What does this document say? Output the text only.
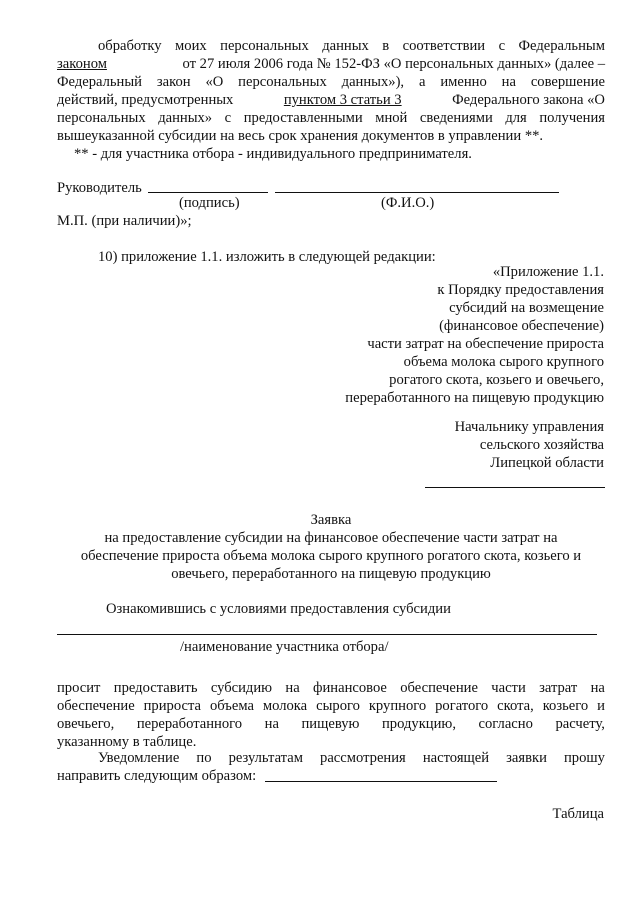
обработку моих персональных данных в соответствии с Федеральным
законом	от 27 июля 2006 года № 152-ФЗ «О персональных данных» (далее –
Федеральный закон «О персональных данных»), а именно на совершение
действий, предусмотренных	пунктом 3 статьи 3	Федерального закона «О
персональных данных» с предоставленными мной сведениями для получения
вышеуказанной субсидии на весь срок хранения документов в управлении **.
** - для участника отбора - индивидуального предпринимателя.
Руководитель
(подпись)	(Ф.И.О.)
М.П. (при наличии)»;
10) приложение 1.1. изложить в следующей редакции:
«Приложение 1.1.
к Порядку предоставления
субсидий на возмещение
(финансовое обеспечение)
части затрат на обеспечение прироста
объема молока сырого крупного
рогатого скота, козьего и овечьего,
переработанного на пищевую продукцию
Начальнику управления
сельского хозяйства
Липецкой области
Заявка
на предоставление субсидии на финансовое обеспечение части затрат на
обеспечение прироста объема молока сырого крупного рогатого скота, козьего и
овечьего, переработанного на пищевую продукцию
Ознакомившись с условиями предоставления субсидии
/наименование участника отбора/
просит предоставить субсидию на финансовое обеспечение части затрат на
обеспечение прироста объема молока сырого крупного рогатого скота, козьего и
овечьего, переработанного на пищевую продукцию, согласно расчету,
указанному в таблице.
Уведомление по результатам рассмотрения настоящей заявки прошу
направить следующим образом:
Таблица
